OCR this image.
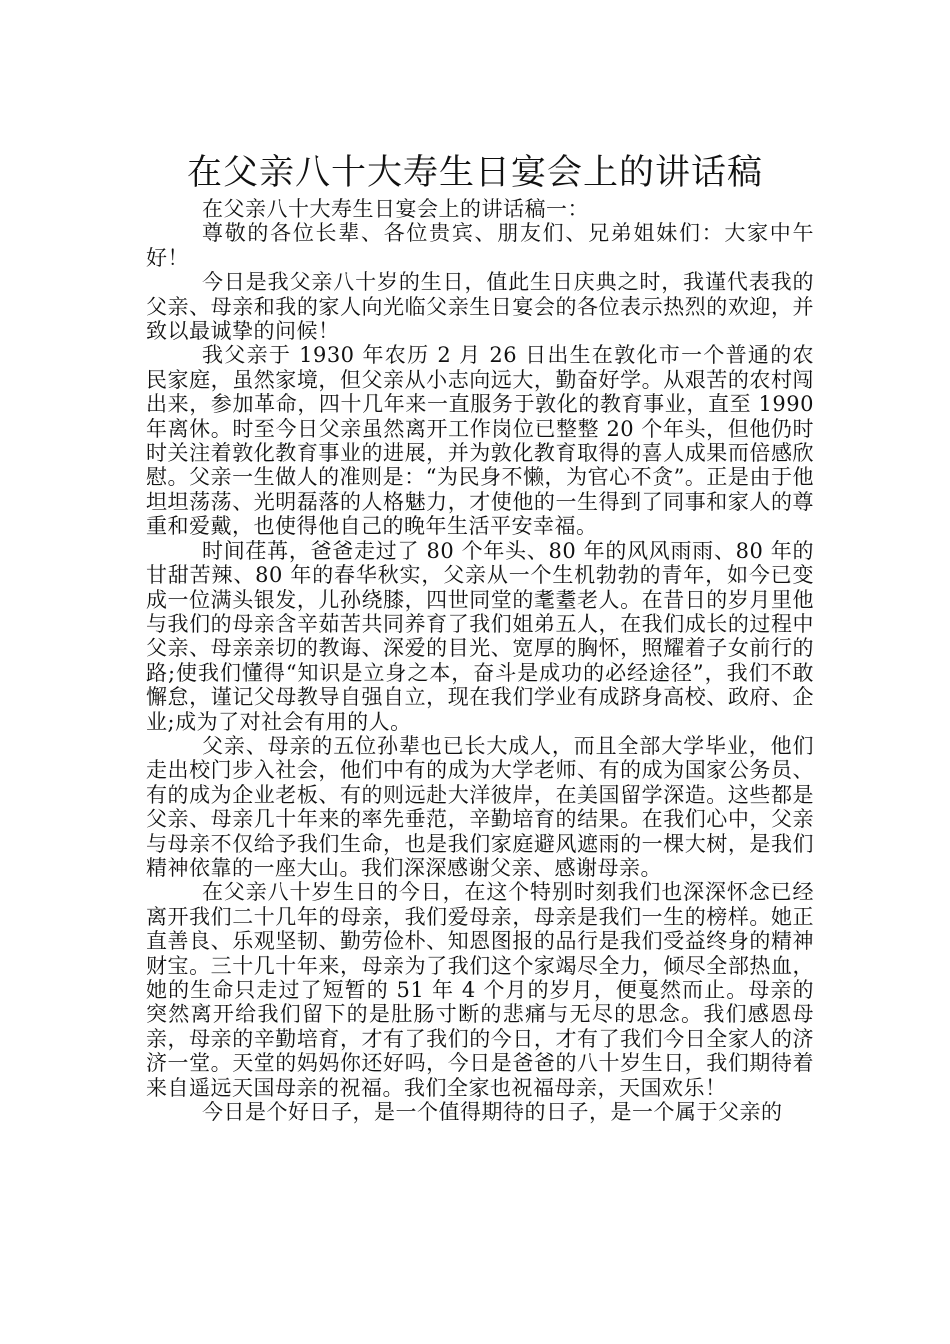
在父亲八十大寿生日宴会上的讲话稿

在父亲八十大寿生日宴会上的讲话稿一：

尊敬的各位长辈、各位贵宾、朋友们、兄弟姐妹们：大家中午好！

今日是我父亲八十岁的生日，值此生日庆典之时，我谨代表我的父亲、母亲和我的家人向光临父亲生日宴会的各位表示热烈的欢迎，并致以最诚挚的问候！

我父亲于 1930 年农历 2 月 26 日出生在敦化市一个普通的农民家庭，虽然家境，但父亲从小志向远大，勤奋好学。从艰苦的农村闯出来，参加革命，四十几年来一直服务于敦化的教育事业，直至 1990 年离休。时至今日父亲虽然离开工作岗位已整整 20 个年头，但他仍时时关注着敦化教育事业的进展，并为敦化教育取得的喜人成果而倍感欣慰。父亲一生做人的准则是：“为民身不懒，为官心不贪”。正是由于他坦坦荡荡、光明磊落的人格魅力，才使他的一生得到了同事和家人的尊重和爱戴，也使得他自己的晚年生活平安幸福。

时间荏苒，爸爸走过了 80 个年头、80 年的风风雨雨、80 年的甘甜苦辣、80 年的春华秋实，父亲从一个生机勃勃的青年，如今已变成一位满头银发，儿孙绕膝，四世同堂的耄耋老人。在昔日的岁月里他与我们的母亲含辛茹苦共同养育了我们姐弟五人，在我们成长的过程中父亲、母亲亲切的教诲、深爱的目光、宽厚的胸怀，照耀着子女前行的路;使我们懂得“知识是立身之本，奋斗是成功的必经途径”，我们不敢懈怠，谨记父母教导自强自立，现在我们学业有成跻身高校、政府、企业;成为了对社会有用的人。

父亲、母亲的五位孙辈也已长大成人，而且全部大学毕业，他们走出校门步入社会，他们中有的成为大学老师、有的成为国家公务员、有的成为企业老板、有的则远赴大洋彼岸，在美国留学深造。这些都是父亲、母亲几十年来的率先垂范，辛勤培育的结果。在我们心中，父亲与母亲不仅给予我们生命，也是我们家庭避风遮雨的一棵大树，是我们精神依靠的一座大山。我们深深感谢父亲、感谢母亲。

在父亲八十岁生日的今日，在这个特别时刻我们也深深怀念已经离开我们二十几年的母亲，我们爱母亲，母亲是我们一生的榜样。她正直善良、乐观坚韧、勤劳俭朴、知恩图报的品行是我们受益终身的精神财宝。三十几十年来，母亲为了我们这个家竭尽全力，倾尽全部热血，她的生命只走过了短暂的 51 年 4 个月的岁月，便戛然而止。母亲的突然离开给我们留下的是肚肠寸断的悲痛与无尽的思念。我们感恩母亲，母亲的辛勤培育，才有了我们的今日，才有了我们今日全家人的济济一堂。天堂的妈妈你还好吗，今日是爸爸的八十岁生日，我们期待着来自遥远天国母亲的祝福。我们全家也祝福母亲，天国欢乐！

今日是个好日子，是一个值得期待的日子，是一个属于父亲的
